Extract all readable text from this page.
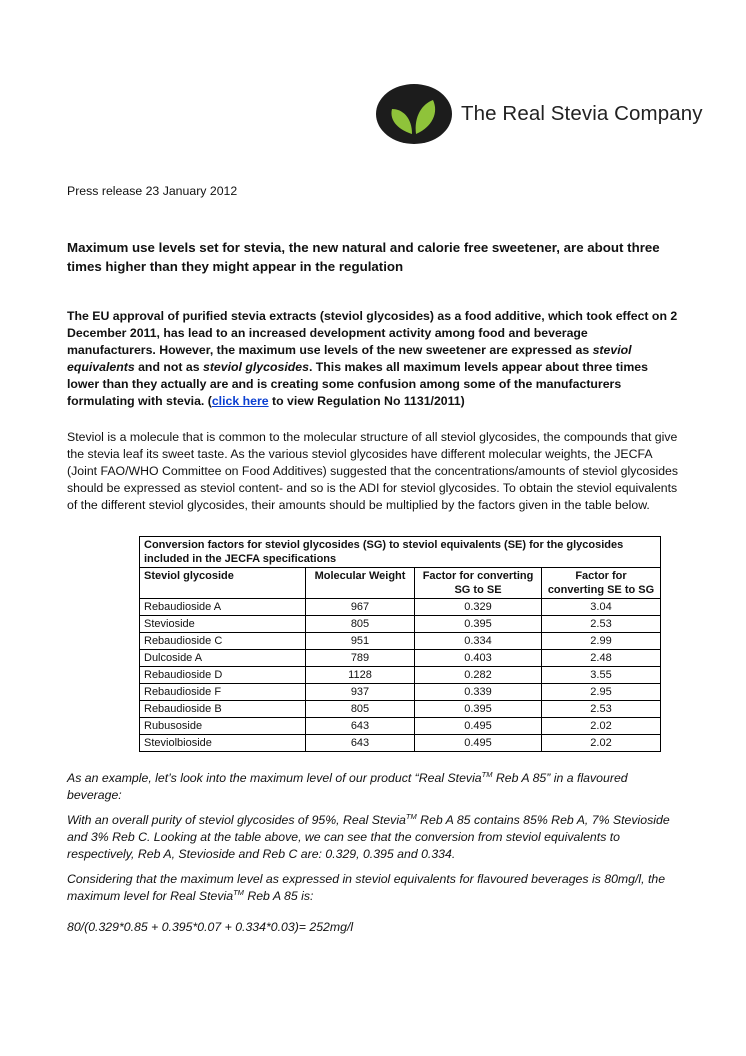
The Real Stevia Company

Press release 23 January 2012

Maximum use levels set for stevia, the new natural and calorie free sweetener, are about three times higher than they might appear in the regulation

The EU approval of purified stevia extracts (steviol glycosides) as a food additive, which took effect on 2 December 2011, has lead to an increased development activity among food and beverage manufacturers. However, the maximum use levels of the new sweetener are expressed as steviol equivalents and not as steviol glycosides. This makes all maximum levels appear about three times lower than they actually are and is creating some confusion among some of the manufacturers formulating with stevia. (click here to view Regulation No 1131/2011)

Steviol is a molecule that is common to the molecular structure of all steviol glycosides, the compounds that give the stevia leaf its sweet taste. As the various steviol glycosides have different molecular weights, the JECFA (Joint FAO/WHO Committee on Food Additives) suggested that the concentrations/amounts of steviol glycosides should be expressed as steviol content- and so is the ADI for steviol glycosides. To obtain the steviol equivalents of the different steviol glycosides, their amounts should be multiplied by the factors given in the table below.

Conversion factors for steviol glycosides (SG) to steviol equivalents (SE) for the glycosides included in the JECFA specifications			
Steviol glycoside	Molecular Weight	Factor for converting SG to SE	Factor for converting SE to SG
Rebaudioside A	967	0.329	3.04
Stevioside	805	0.395	2.53
Rebaudioside C	951	0.334	2.99
Dulcoside A	789	0.403	2.48
Rebaudioside D	1128	0.282	3.55
Rebaudioside F	937	0.339	2.95
Rebaudioside B	805	0.395	2.53
Rubusoside	643	0.495	2.02
Steviolbioside	643	0.495	2.02

As an example, let’s look into the maximum level of our product “Real Stevia™ Reb A 85” in a flavoured beverage:

With an overall purity of steviol glycosides of 95%, Real Stevia™ Reb A 85 contains 85% Reb A, 7% Stevioside and 3% Reb C. Looking at the table above, we can see that the conversion from steviol equivalents to respectively, Reb A, Stevioside and Reb C are: 0.329, 0.395 and 0.334.

Considering that the maximum level as expressed in steviol equivalents for flavoured beverages is 80mg/l, the maximum level for Real Stevia™ Reb A 85 is:

80/(0.329*0.85 + 0.395*0.07 + 0.334*0.03)= 252mg/l
